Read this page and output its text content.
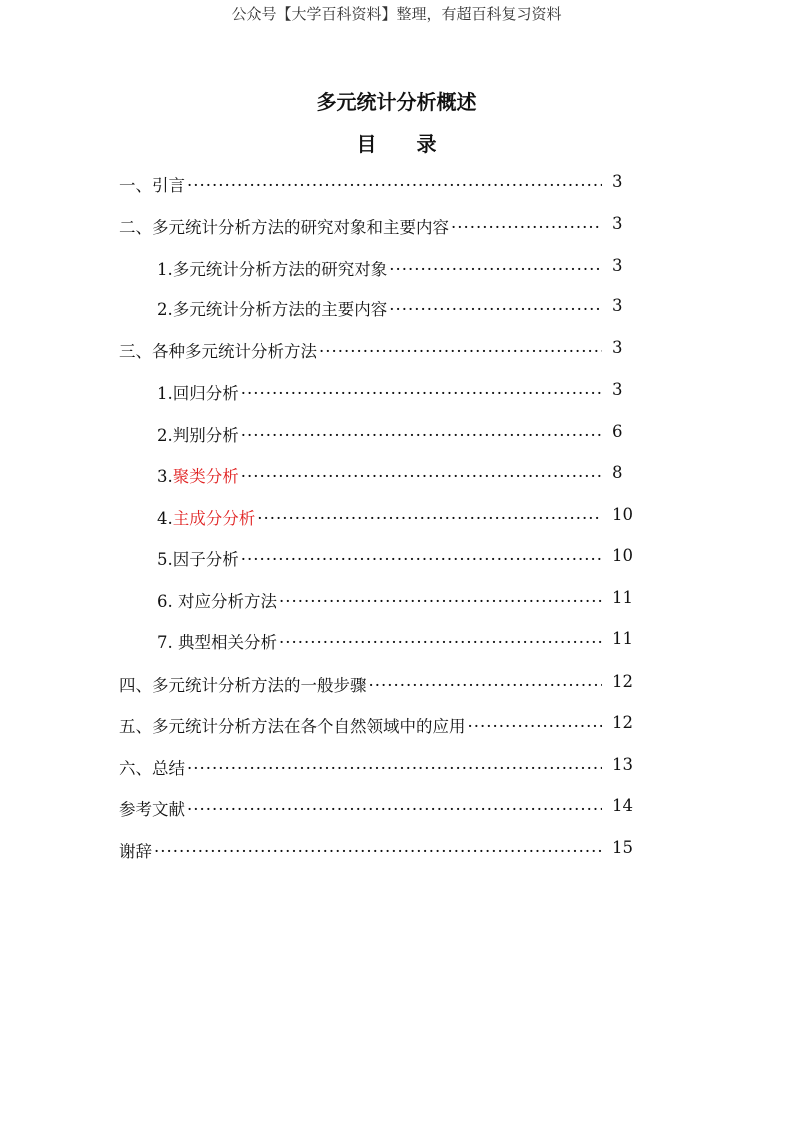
公众号【大学百科资料】整理，有超百科复习资料
多元统计分析概述
目 录
一、引言 ·····	3
二、多元统计分析方法的研究对象和主要内容 ·····	3
1.多元统计分析方法的研究对象 ·····	3
2.多元统计分析方法的主要内容 ·····	3
三、各种多元统计分析方法 ·····	3
1.回归分析 ·····	3
2.判别分析 ·····	6
3.聚类分析 ·····	8
4.主成分分析 ·····	10
5.因子分析 ·····	10
6. 对应分析方法 ·····	11
7. 典型相关分析 ·····	11
四、多元统计分析方法的一般步骤 ·····	12
五、多元统计分析方法在各个自然领域中的应用 ·····	12
六、总结 ·····	13
参考文献 ·····	14
谢辞 ·····	15
